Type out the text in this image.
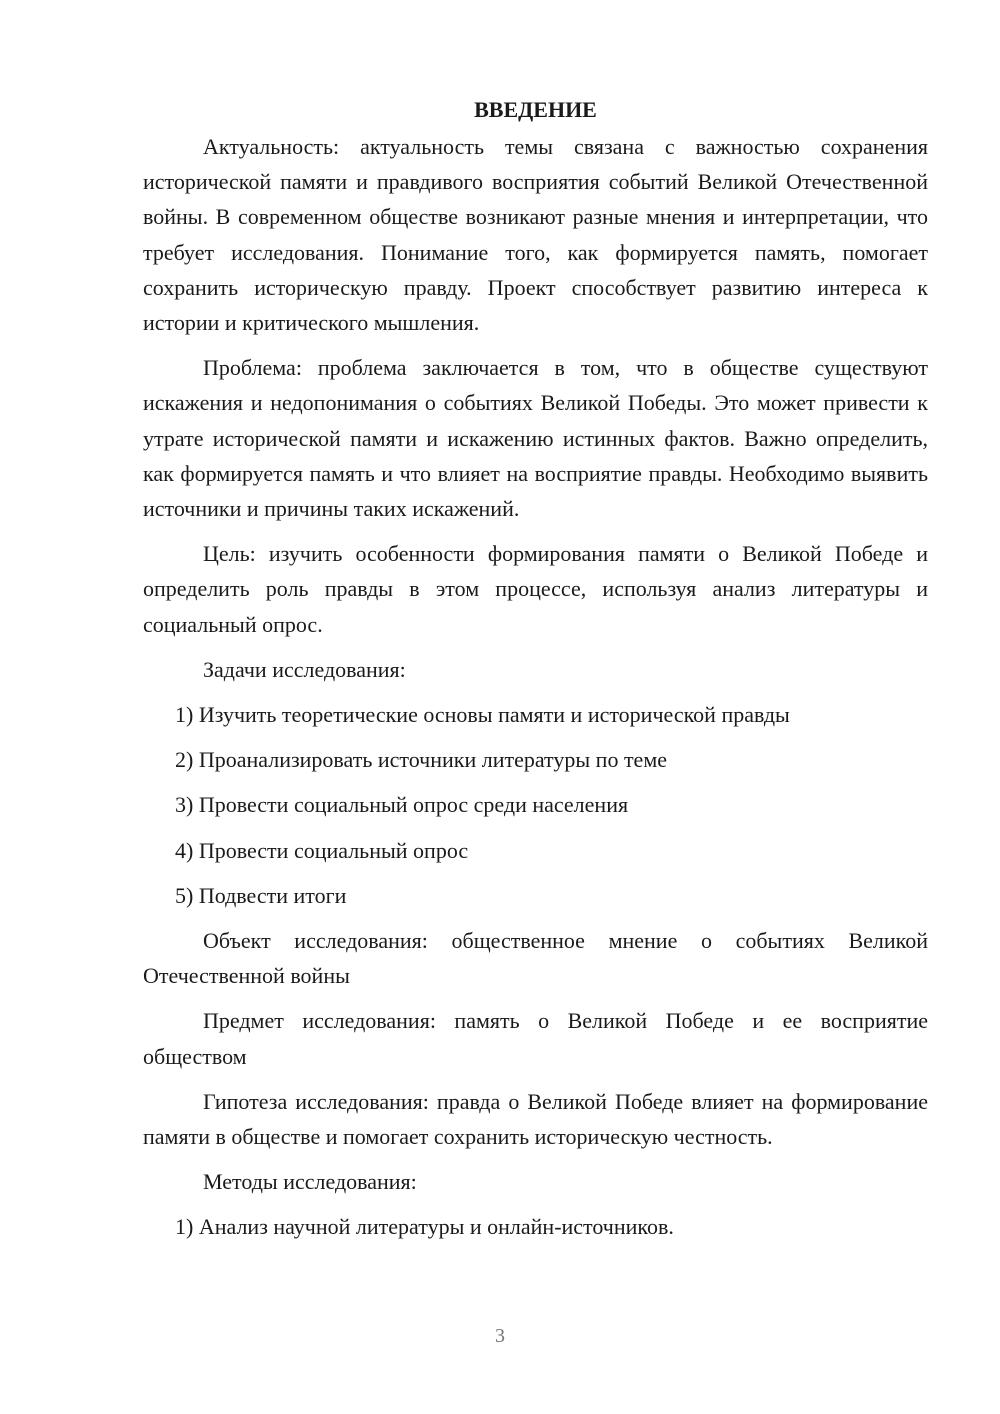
ВВЕДЕНИЕ

Актуальность: актуальность темы связана с важностью сохранения исторической памяти и правдивого восприятия событий Великой Отечественной войны. В современном обществе возникают разные мнения и интерпретации, что требует исследования. Понимание того, как формируется память, помогает сохранить историческую правду. Проект способствует развитию интереса к истории и критического мышления.

Проблема: проблема заключается в том, что в обществе существуют искажения и недопонимания о событиях Великой Победы. Это может привести к утрате исторической памяти и искажению истинных фактов. Важно определить, как формируется память и что влияет на восприятие правды. Необходимо выявить источники и причины таких искажений.

Цель: изучить особенности формирования памяти о Великой Победе и определить роль правды в этом процессе, используя анализ литературы и социальный опрос.

Задачи исследования:

1) Изучить теоретические основы памяти и исторической правды

2) Проанализировать источники литературы по теме

3) Провести социальный опрос среди населения

4) Провести социальный опрос

5) Подвести итоги

Объект исследования: общественное мнение о событиях Великой Отечественной войны

Предмет исследования: память о Великой Победе и ее восприятие обществом

Гипотеза исследования: правда о Великой Победе влияет на формирование памяти в обществе и помогает сохранить историческую честность.

Методы исследования:

1) Анализ научной литературы и онлайн-источников.

3
